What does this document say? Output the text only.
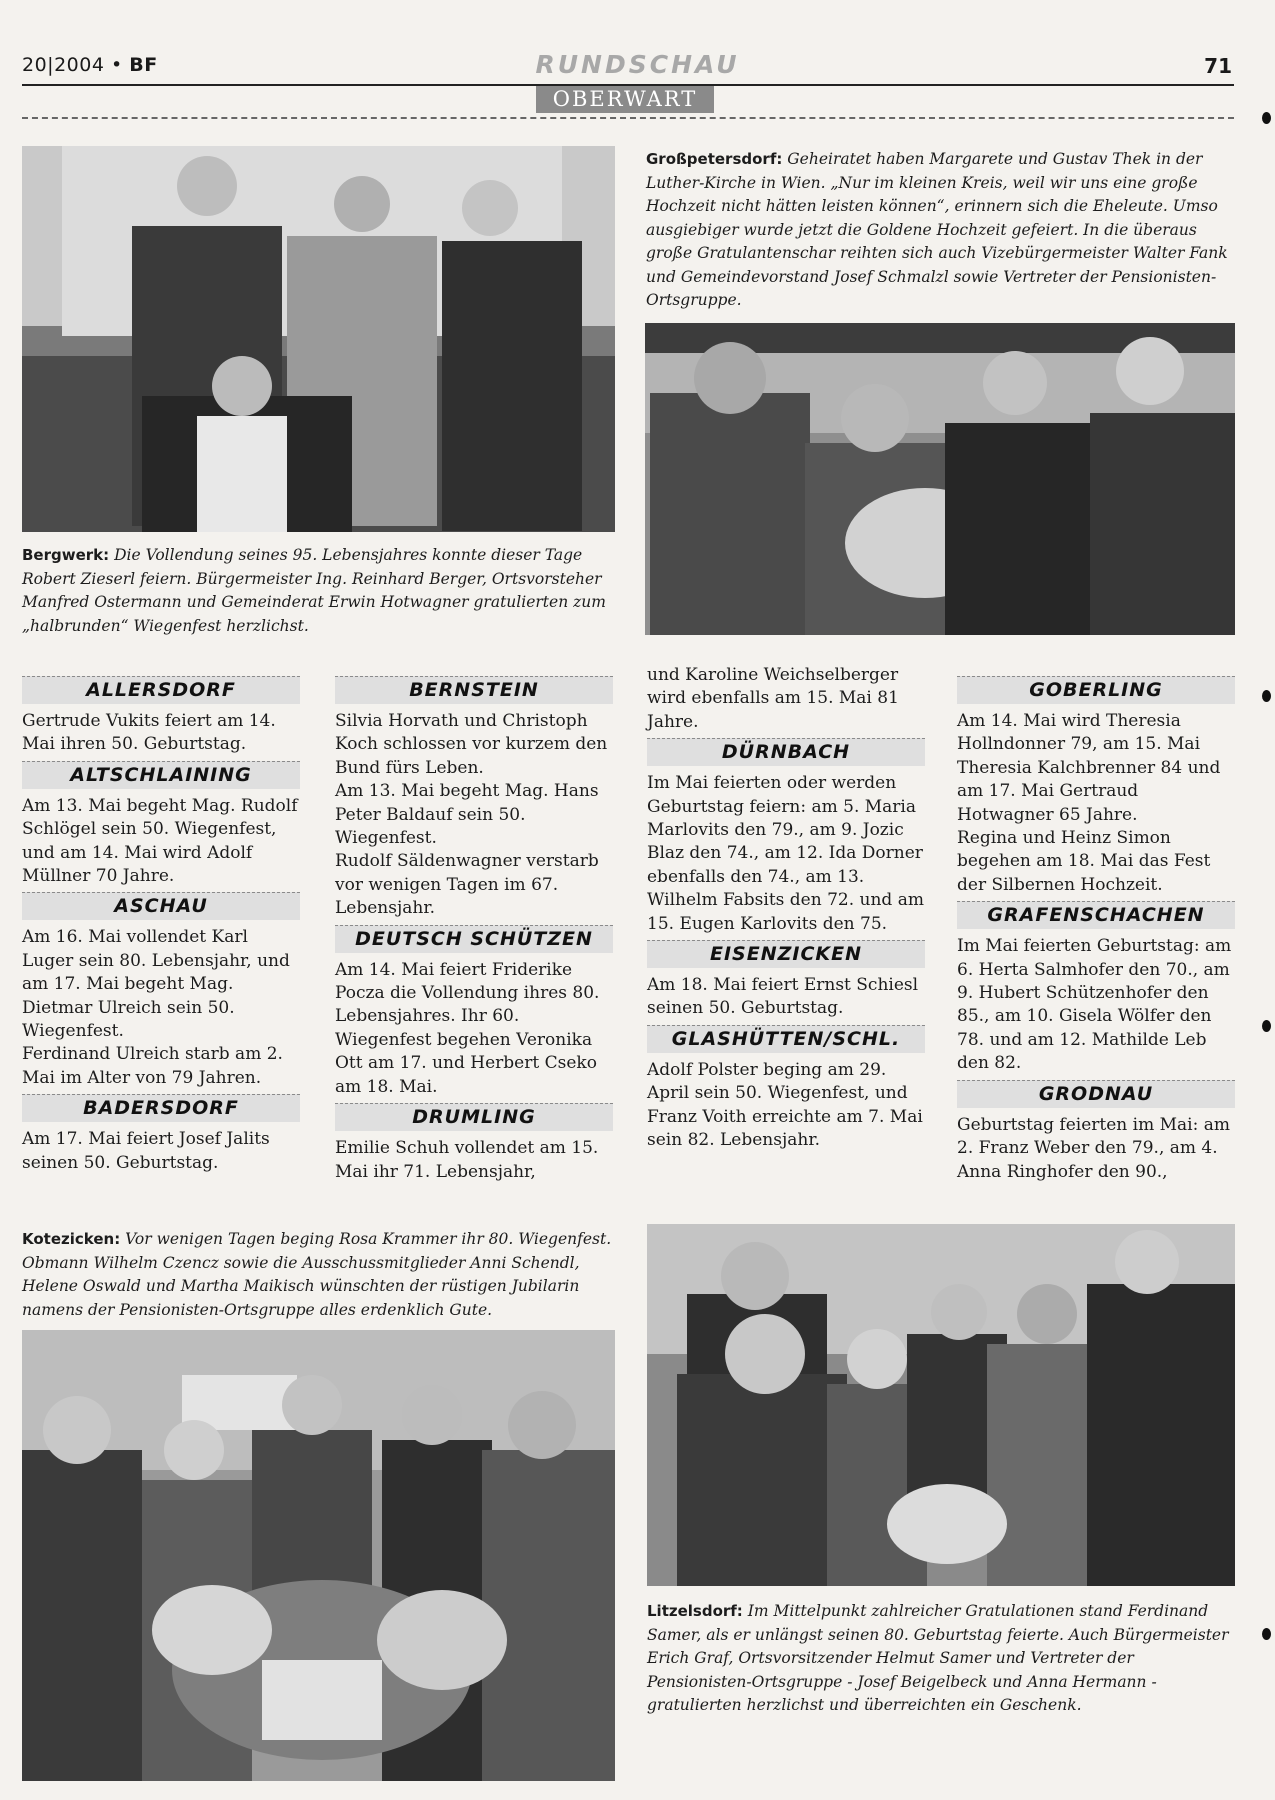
20|2004 • BF	RUNDSCHAU	71
OBERWART
Großpetersdorf: Geheiratet haben Margarete und Gustav Thek in der Luther-Kirche in Wien. „Nur im kleinen Kreis, weil wir uns eine große Hochzeit nicht hätten leisten können“, erinnern sich die Eheleute. Umso ausgiebiger wurde jetzt die Goldene Hochzeit gefeiert. In die überaus große Gratulantenschar reihten sich auch Vizebürgermeister Walter Fank und Gemeindevorstand Josef Schmalzl sowie Vertreter der Pensionisten-Ortsgruppe.
Bergwerk: Die Vollendung seines 95. Lebensjahres konnte dieser Tage Robert Zieserl feiern. Bürgermeister Ing. Reinhard Berger, Ortsvorsteher Manfred Ostermann und Gemeinderat Erwin Hotwagner gratulierten zum „halbrunden“ Wiegenfest herzlichst.
ALLERSDORF

Gertrude Vukits feiert am 14. Mai ihren 50. Geburtstag.

ALTSCHLAINING

Am 13. Mai begeht Mag. Rudolf Schlögel sein 50. Wiegenfest, und am 14. Mai wird Adolf Müllner 70 Jahre.

ASCHAU

Am 16. Mai vollendet Karl Luger sein 80. Lebensjahr, und am 17. Mai begeht Mag. Dietmar Ulreich sein 50. Wiegenfest.

Ferdinand Ulreich starb am 2. Mai im Alter von 79 Jahren.

BADERSDORF

Am 17. Mai feiert Josef Jalits seinen 50. Geburtstag.

BERNSTEIN

Silvia Horvath und Christoph Koch schlossen vor kurzem den Bund fürs Leben.

Am 13. Mai begeht Mag. Hans Peter Baldauf sein 50. Wiegenfest.

Rudolf Säldenwagner verstarb vor wenigen Tagen im 67. Lebensjahr.

DEUTSCH SCHÜTZEN

Am 14. Mai feiert Friderike Pocza die Vollendung ihres 80. Lebensjahres. Ihr 60. Wiegenfest begehen Veronika Ott am 17. und Herbert Cseko am 18. Mai.

DRUMLING

Emilie Schuh vollendet am 15. Mai ihr 71. Lebensjahr,

und Karoline Weichselberger wird ebenfalls am 15. Mai 81 Jahre.

DÜRNBACH

Im Mai feierten oder werden Geburtstag feiern: am 5. Maria Marlovits den 79., am 9. Jozic Blaz den 74., am 12. Ida Dorner ebenfalls den 74., am 13. Wilhelm Fabsits den 72. und am 15. Eugen Karlovits den 75.

EISENZICKEN

Am 18. Mai feiert Ernst Schiesl seinen 50. Geburtstag.

GLASHÜTTEN/SCHL.

Adolf Polster beging am 29. April sein 50. Wiegenfest, und Franz Voith erreichte am 7. Mai sein 82. Lebensjahr.

GOBERLING

Am 14. Mai wird Theresia Hollndonner 79, am 15. Mai Theresia Kalchbrenner 84 und am 17. Mai Gertraud Hotwagner 65 Jahre.

Regina und Heinz Simon begehen am 18. Mai das Fest der Silbernen Hochzeit.

GRAFENSCHACHEN

Im Mai feierten Geburtstag: am 6. Herta Salmhofer den 70., am 9. Hubert Schützenhofer den 85., am 10. Gisela Wölfer den 78. und am 12. Mathilde Leb den 82.

GRODNAU

Geburtstag feierten im Mai: am 2. Franz Weber den 79., am 4. Anna Ringhofer den 90.,

Kotezicken: Vor wenigen Tagen beging Rosa Krammer ihr 80. Wiegenfest. Obmann Wilhelm Czencz sowie die Ausschussmitglieder Anni Schendl, Helene Oswald und Martha Maikisch wünschten der rüstigen Jubilarin namens der Pensionisten-Ortsgruppe alles erdenklich Gute.
Litzelsdorf: Im Mittelpunkt zahlreicher Gratulationen stand Ferdinand Samer, als er unlängst seinen 80. Geburtstag feierte. Auch Bürgermeister Erich Graf, Ortsvorsitzender Helmut Samer und Vertreter der Pensionisten-Ortsgruppe - Josef Beigelbeck und Anna Hermann - gratulierten herzlichst und überreichten ein Geschenk.
